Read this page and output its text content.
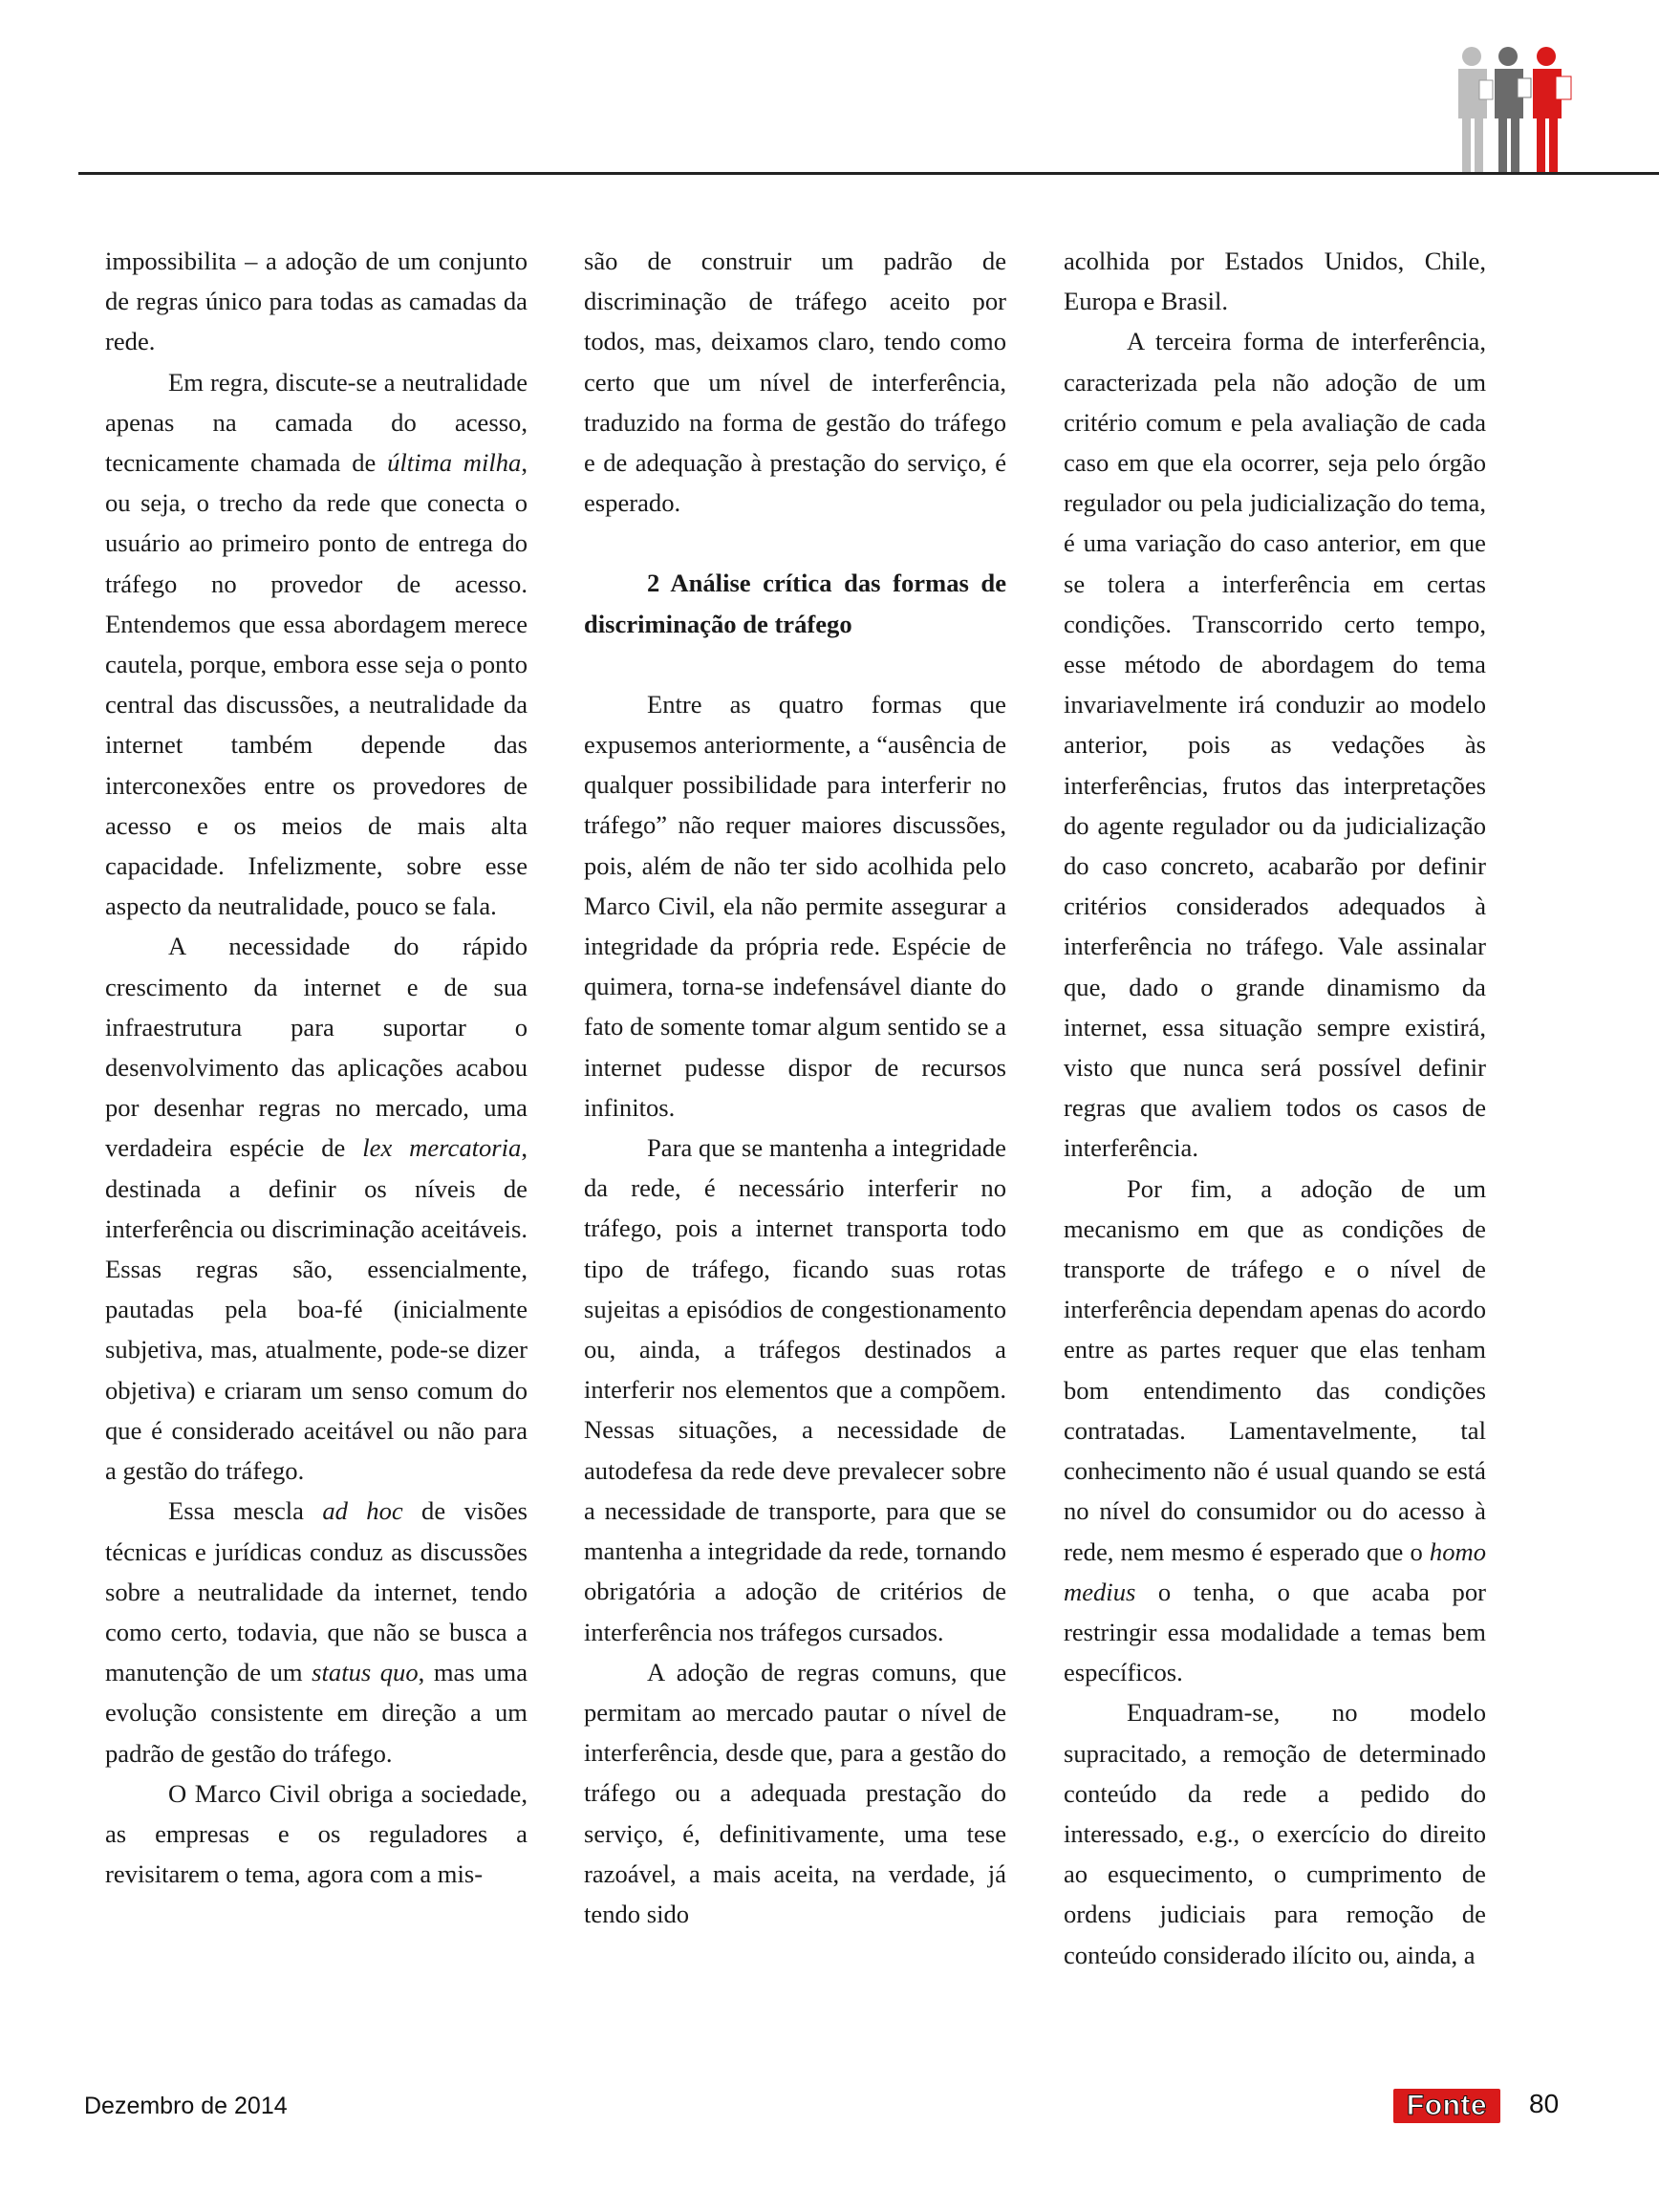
impossibilita – a adoção de um conjunto de regras único para todas as camadas da rede.

Em regra, discute-se a neutralidade apenas na camada do acesso, tecnicamente chamada de última milha, ou seja, o trecho da rede que conecta o usuário ao primeiro ponto de entrega do tráfego no provedor de acesso. Entendemos que essa abordagem merece cautela, porque, embora esse seja o ponto central das discussões, a neutralidade da internet também depende das interconexões entre os provedores de acesso e os meios de mais alta capacidade. Infelizmente, sobre esse aspecto da neutralidade, pouco se fala.

A necessidade do rápido crescimento da internet e de sua infraestrutura para suportar o desenvolvimento das aplicações acabou por desenhar regras no mercado, uma verdadeira espécie de lex mercatoria, destinada a definir os níveis de interferência ou discriminação aceitáveis. Essas regras são, essencialmente, pautadas pela boa-fé (inicialmente subjetiva, mas, atualmente, pode-se dizer objetiva) e criaram um senso comum do que é considerado aceitável ou não para a gestão do tráfego.

Essa mescla ad hoc de visões técnicas e jurídicas conduz as discussões sobre a neutralidade da internet, tendo como certo, todavia, que não se busca a manutenção de um status quo, mas uma evolução consistente em direção a um padrão de gestão do tráfego.

O Marco Civil obriga a sociedade, as empresas e os reguladores a revisitarem o tema, agora com a mis-

são de construir um padrão de discriminação de tráfego aceito por todos, mas, deixamos claro, tendo como certo que um nível de interferência, traduzido na forma de gestão do tráfego e de adequação à prestação do serviço, é esperado.

2 Análise crítica das formas de discriminação de tráfego

Entre as quatro formas que expusemos anteriormente, a “ausência de qualquer possibilidade para interferir no tráfego” não requer maiores discussões, pois, além de não ter sido acolhida pelo Marco Civil, ela não permite assegurar a integridade da própria rede. Espécie de quimera, torna-se indefensável diante do fato de somente tomar algum sentido se a internet pudesse dispor de recursos infinitos.

Para que se mantenha a integridade da rede, é necessário interferir no tráfego, pois a internet transporta todo tipo de tráfego, ficando suas rotas sujeitas a episódios de congestionamento ou, ainda, a tráfegos destinados a interferir nos elementos que a compõem. Nessas situações, a necessidade de autodefesa da rede deve prevalecer sobre a necessidade de transporte, para que se mantenha a integridade da rede, tornando obrigatória a adoção de critérios de interferência nos tráfegos cursados.

A adoção de regras comuns, que permitam ao mercado pautar o nível de interferência, desde que, para a gestão do tráfego ou a adequada prestação do serviço, é, definitivamente, uma tese razoável, a mais aceita, na verdade, já tendo sido

acolhida por Estados Unidos, Chile, Europa e Brasil.

A terceira forma de interferência, caracterizada pela não adoção de um critério comum e pela avaliação de cada caso em que ela ocorrer, seja pelo órgão regulador ou pela judicialização do tema, é uma variação do caso anterior, em que se tolera a interferência em certas condições. Transcorrido certo tempo, esse método de abordagem do tema invariavelmente irá conduzir ao modelo anterior, pois as vedações às interferências, frutos das interpretações do agente regulador ou da judicialização do caso concreto, acabarão por definir critérios considerados adequados à interferência no tráfego. Vale assinalar que, dado o grande dinamismo da internet, essa situação sempre existirá, visto que nunca será possível definir regras que avaliem todos os casos de interferência.

Por fim, a adoção de um mecanismo em que as condições de transporte de tráfego e o nível de interferência dependam apenas do acordo entre as partes requer que elas tenham bom entendimento das condições contratadas. Lamentavelmente, tal conhecimento não é usual quando se está no nível do consumidor ou do acesso à rede, nem mesmo é esperado que o homo medius o tenha, o que acaba por restringir essa modalidade a temas bem específicos.

Enquadram-se, no modelo supracitado, a remoção de determinado conteúdo da rede a pedido do interessado, e.g., o exercício do direito ao esquecimento, o cumprimento de ordens judiciais para remoção de conteúdo considerado ilícito ou, ainda, a

Dezembro de 2014	Fonte 80
